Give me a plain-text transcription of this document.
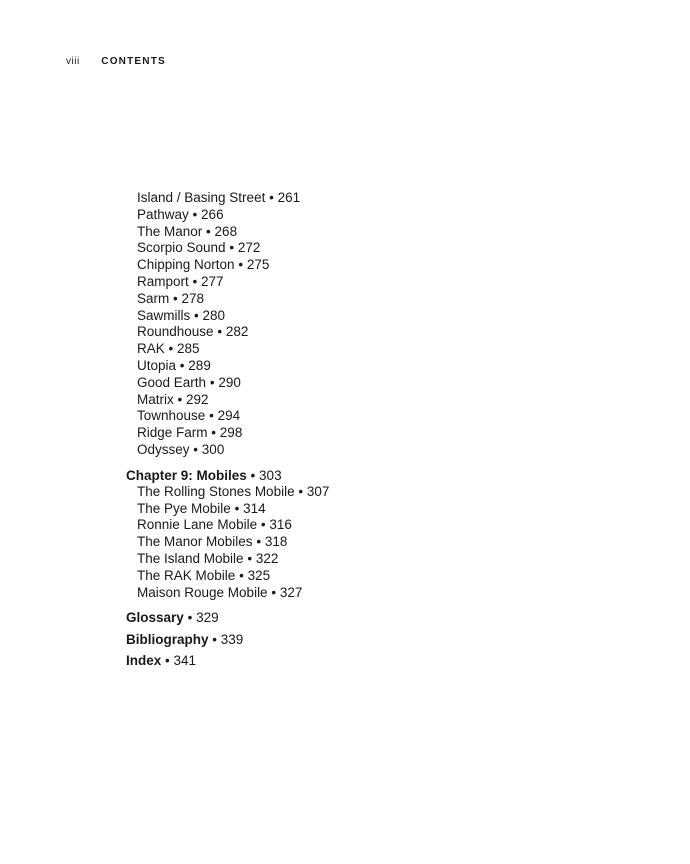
viii CONTENTS
Island / Basing Street • 261
Pathway • 266
The Manor • 268
Scorpio Sound • 272
Chipping Norton • 275
Ramport • 277
Sarm • 278
Sawmills • 280
Roundhouse • 282
RAK • 285
Utopia • 289
Good Earth • 290
Matrix • 292
Townhouse • 294
Ridge Farm • 298
Odyssey • 300
Chapter 9: Mobiles • 303
The Rolling Stones Mobile • 307
The Pye Mobile • 314
Ronnie Lane Mobile • 316
The Manor Mobiles • 318
The Island Mobile • 322
The RAK Mobile • 325
Maison Rouge Mobile • 327
Glossary • 329
Bibliography • 339
Index • 341
